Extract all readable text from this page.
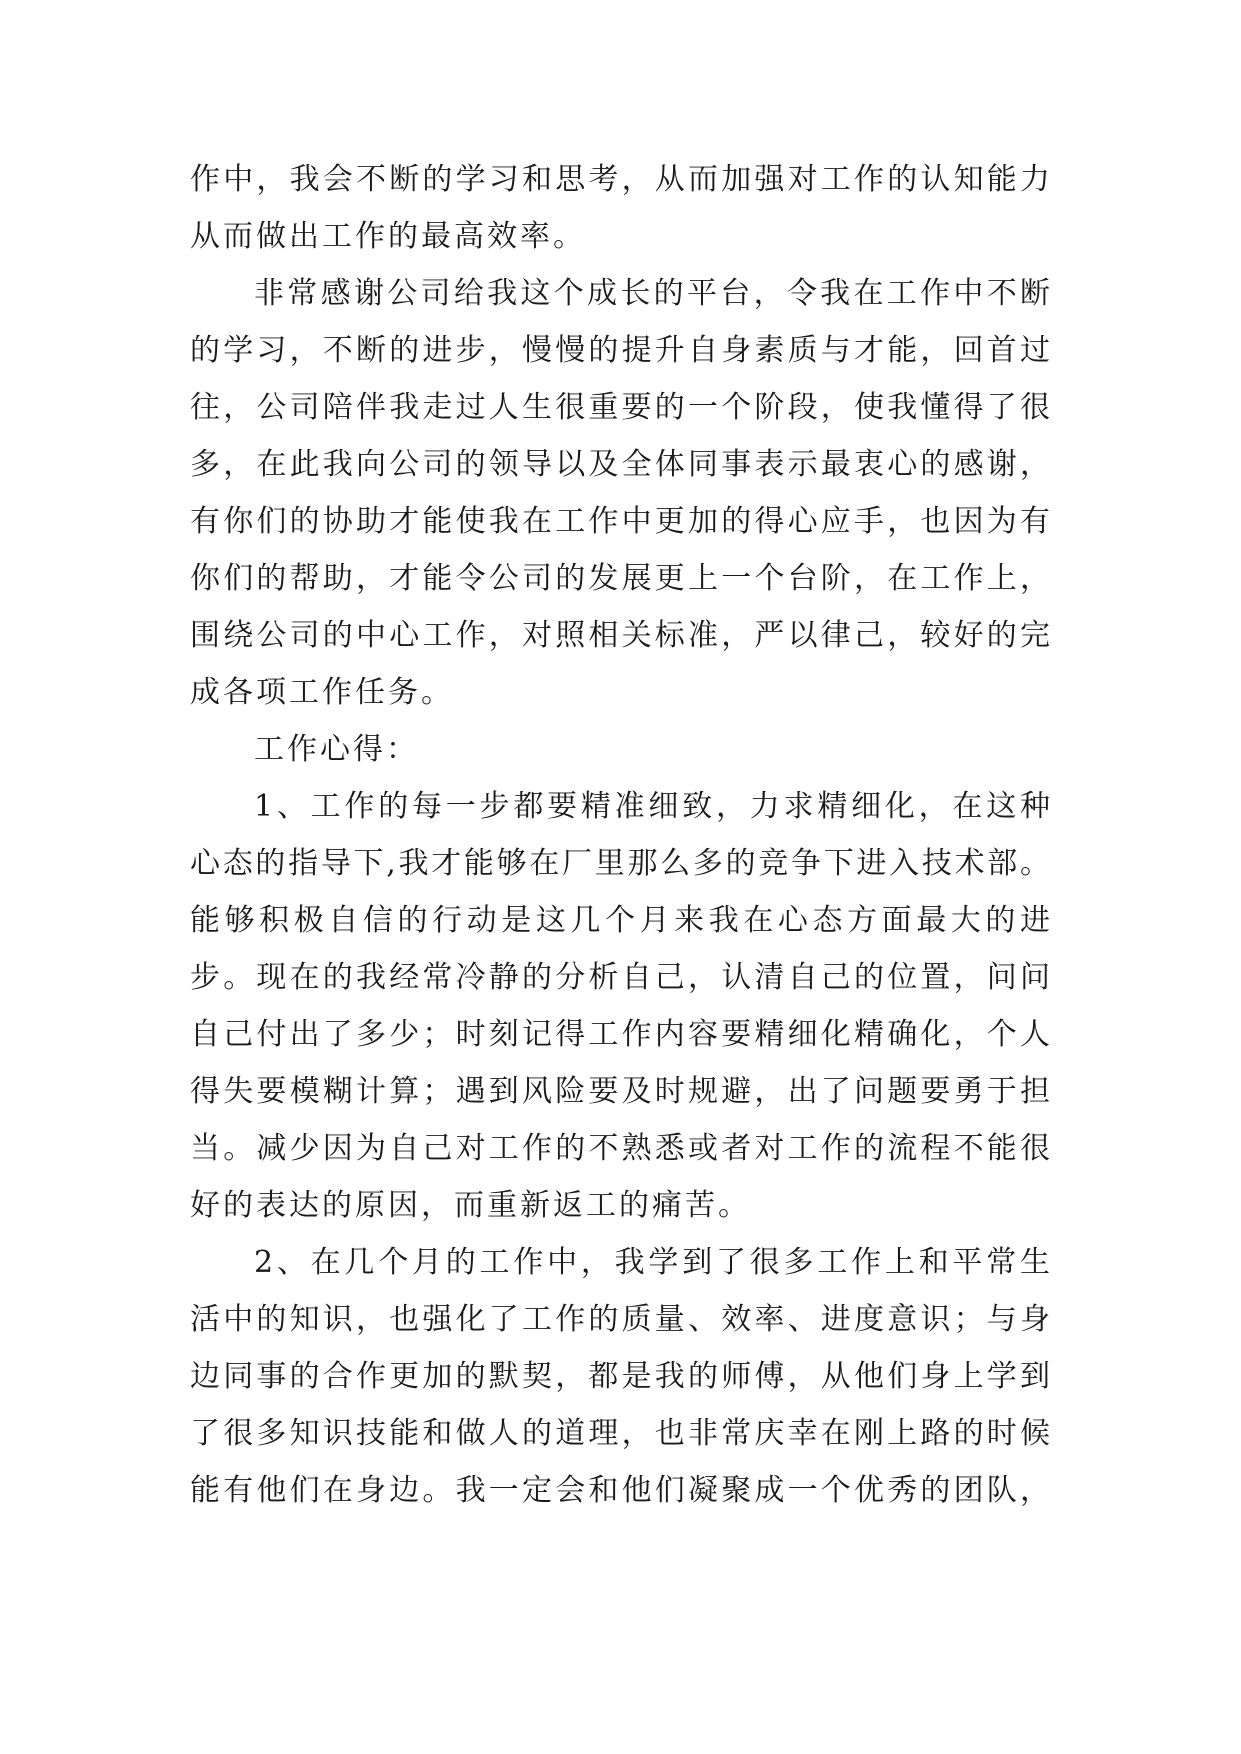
作中，我会不断的学习和思考，从而加强对工作的认知能力
从而做出工作的最高效率。
非常感谢公司给我这个成长的平台，令我在工作中不断
的学习，不断的进步，慢慢的提升自身素质与才能，回首过
往，公司陪伴我走过人生很重要的一个阶段，使我懂得了很
多，在此我向公司的领导以及全体同事表示最衷心的感谢，
有你们的协助才能使我在工作中更加的得心应手，也因为有
你们的帮助，才能令公司的发展更上一个台阶，在工作上，
围绕公司的中心工作，对照相关标准，严以律己，较好的完
成各项工作任务。
工作心得：
1、工作的每一步都要精准细致，力求精细化，在这种
心态的指导下,我才能够在厂里那么多的竞争下进入技术部。
能够积极自信的行动是这几个月来我在心态方面最大的进
步。现在的我经常冷静的分析自己，认清自己的位置，问问
自己付出了多少；时刻记得工作内容要精细化精确化，个人
得失要模糊计算；遇到风险要及时规避，出了问题要勇于担
当。减少因为自己对工作的不熟悉或者对工作的流程不能很
好的表达的原因，而重新返工的痛苦。
2、在几个月的工作中，我学到了很多工作上和平常生
活中的知识，也强化了工作的质量、效率、进度意识；与身
边同事的合作更加的默契，都是我的师傅，从他们身上学到
了很多知识技能和做人的道理，也非常庆幸在刚上路的时候
能有他们在身边。我一定会和他们凝聚成一个优秀的团队，
